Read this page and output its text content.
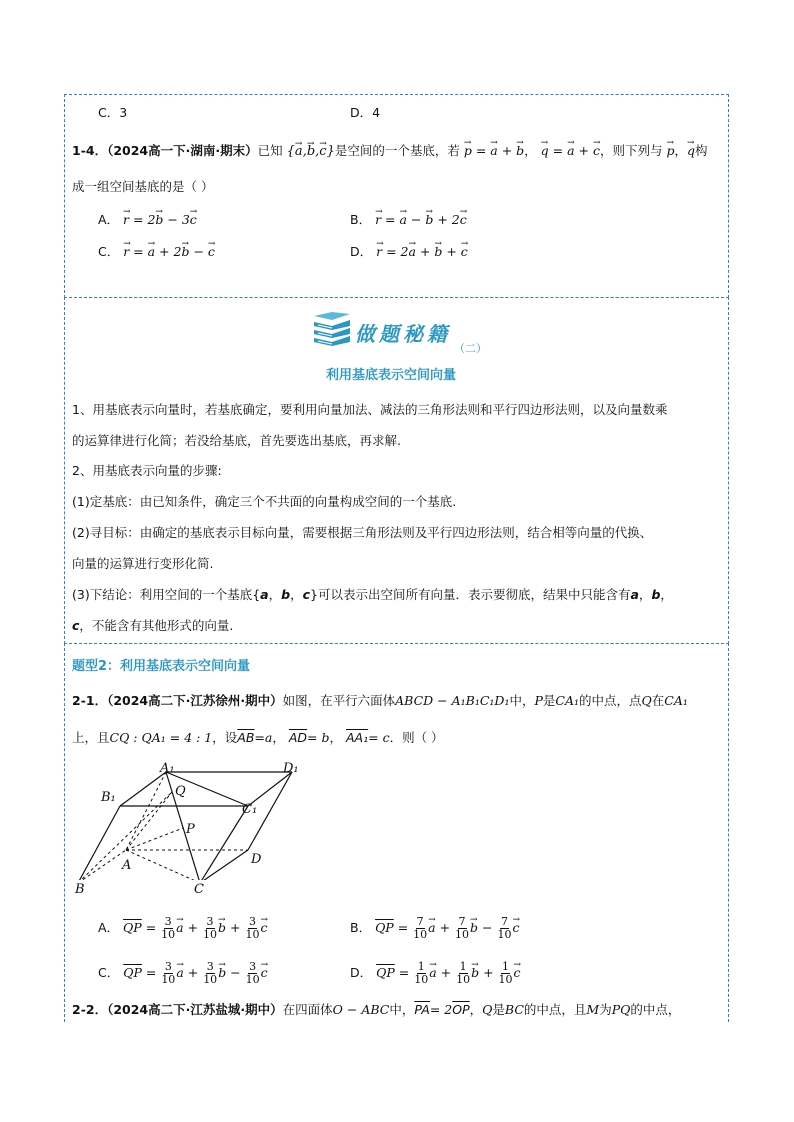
C．3	D．4
1-4．（2024高一下·湖南·期末）已知 {→ a,→ b,→ c}是空间的一个基底，若 → p = → a + → b， → q = → a + → c，则下列与 → p，→ q构
成一组空间基底的是（ ）
A． → r = 2→ b − 3→ c	B． → r = → a − → b + 2→ c
C． → r = → a + 2→ b − → c	D． → r = 2→ a + → b + → c
做题秘籍
（二）
利用基底表示空间向量
1、用基底表示向量时，若基底确定，要利用向量加法、减法的三角形法则和平行四边形法则，以及向量数乘
的运算律进行化简；若没给基底，首先要选出基底，再求解.
2、用基底表示向量的步骤:
(1)定基底：由已知条件，确定三个不共面的向量构成空间的一个基底.
(2)寻目标：由确定的基底表示目标向量，需要根据三角形法则及平行四边形法则，结合相等向量的代换、
向量的运算进行变形化简.
(3)下结论：利用空间的一个基底{a，b，c}可以表示出空间所有向量．表示要彻底，结果中只能含有a，b，
c，不能含有其他形式的向量.
题型2：利用基底表示空间向量
2-1．（2024高二下·江苏徐州·期中）如图，在平行六面体ABCD − A₁B₁C₁D₁中，P是CA₁的中点，点Q在CA₁
上，且CQ : QA₁ = 4 : 1，设$\overline{AB}=a$， $\overline{AD}= b$， AA₁= c．则（ ）
A₁	D₁
B₁	Q
C₁
P
D
A
B	C
A． $\overline{QP} = \frac{3}{10} \to a + \frac{3}{10} \to b + \frac{3}{10} \to c$	B． $\overline{QP} = \frac{7}{10} \to a + \frac{7}{10} \to b - \frac{7}{10} \to c$
C． $\overline{QP} = \frac{3}{10} \to a + \frac{3}{10} \to b - \frac{3}{10} \to c$	D． $\overline{QP} = \frac{1}{10} \to a + \frac{1}{10} \to b + \frac{1}{10} \to c$
2-2．（2024高二下·江苏盐城·期中）在四面体O − ABC中，$\overline{PA}= 2\overline{OP}$，Q是BC的中点，且M为PQ的中点，
